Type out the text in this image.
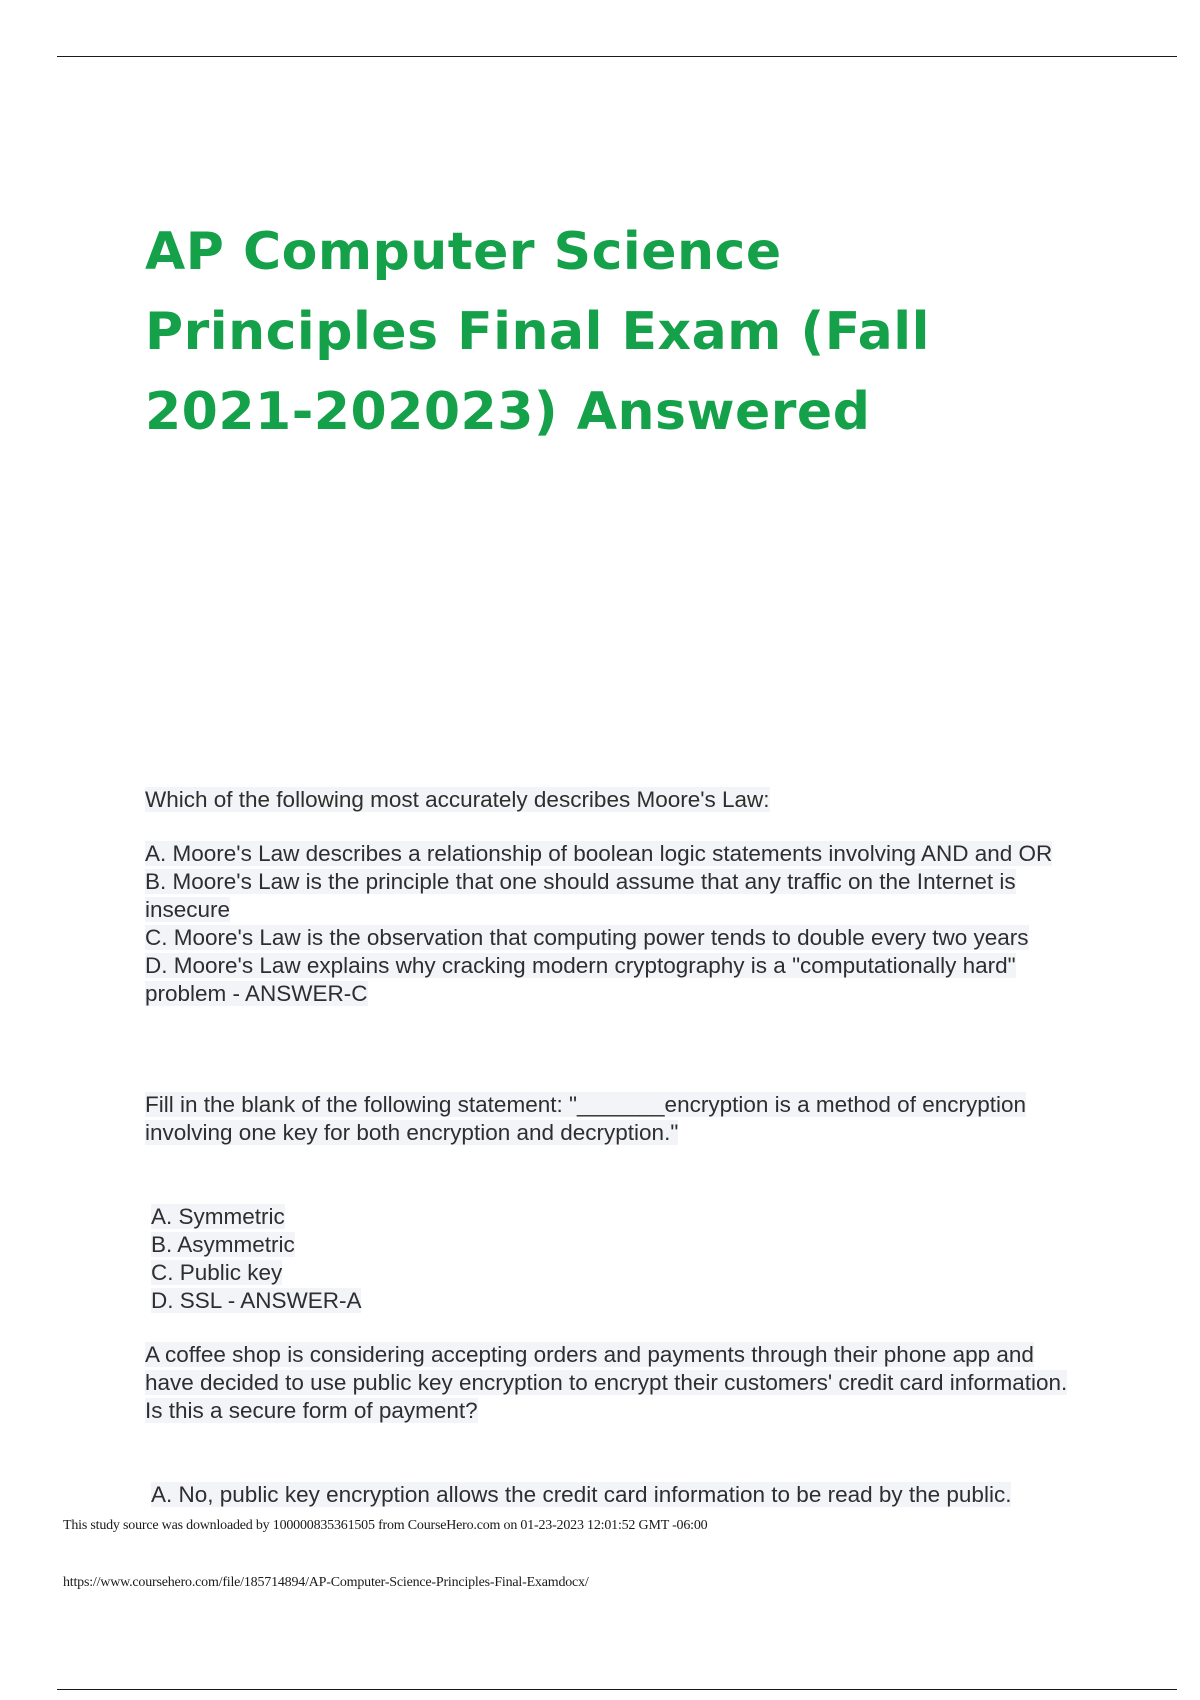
AP Computer Science Principles Final Exam (Fall 2021-202023) Answered

Which of the following most accurately describes Moore's Law:

A. Moore's Law describes a relationship of boolean logic statements involving AND and OR

B. Moore's Law is the principle that one should assume that any traffic on the Internet is insecure

C. Moore's Law is the observation that computing power tends to double every two years

D. Moore's Law explains why cracking modern cryptography is a "computationally hard" problem - ANSWER-C

Fill in the blank of the following statement: "_______encryption is a method of encryption involving one key for both encryption and decryption."

A. Symmetric

B. Asymmetric

C. Public key

D. SSL - ANSWER-A

A coffee shop is considering accepting orders and payments through their phone app and have decided to use public key encryption to encrypt their customers' credit card information. Is this a secure form of payment?

A. No, public key encryption allows the credit card information to be read by the public.

This study source was downloaded by 100000835361505 from CourseHero.com on 01-23-2023 12:01:52 GMT -06:00
https://www.coursehero.com/file/185714894/AP-Computer-Science-Principles-Final-Examdocx/
